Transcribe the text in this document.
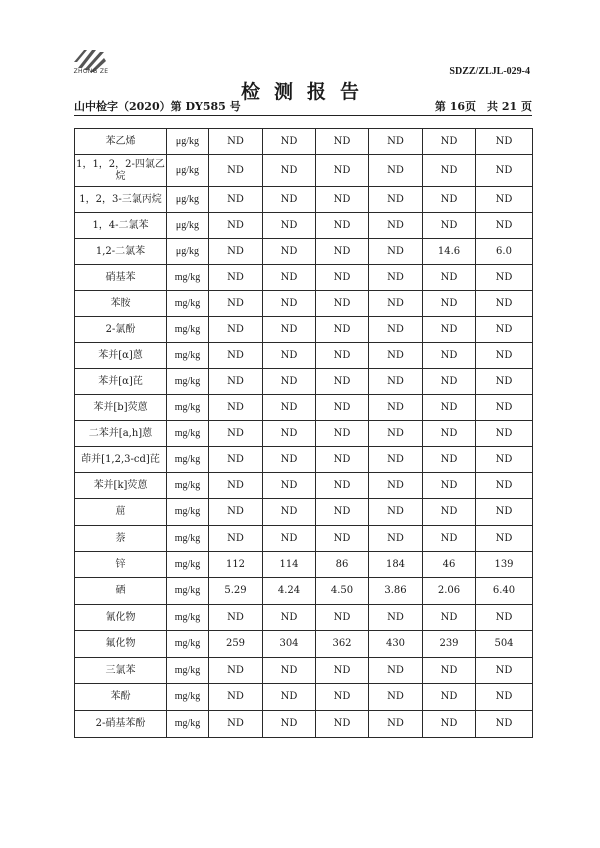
ZHONG ZE	SDZZ/ZLJL-029-4
检测报告
山中检字（2020）第 DY585 号	第 16页　共 21 页
苯乙烯	μg/kg	ND	ND	ND	ND	ND	ND
1，1，2，2-四氯乙烷	μg/kg	ND	ND	ND	ND	ND	ND
1，2，3-三氯丙烷	μg/kg	ND	ND	ND	ND	ND	ND
1，4-二氯苯	μg/kg	ND	ND	ND	ND	ND	ND
1,2-二氯苯	μg/kg	ND	ND	ND	ND	14.6	6.0
硝基苯	mg/kg	ND	ND	ND	ND	ND	ND
苯胺	mg/kg	ND	ND	ND	ND	ND	ND
2-氯酚	mg/kg	ND	ND	ND	ND	ND	ND
苯并[α]蒽	mg/kg	ND	ND	ND	ND	ND	ND
苯并[α]芘	mg/kg	ND	ND	ND	ND	ND	ND
苯并[b]荧蒽	mg/kg	ND	ND	ND	ND	ND	ND
二苯并[a,h]蒽	mg/kg	ND	ND	ND	ND	ND	ND
茚并[1,2,3-cd]芘	mg/kg	ND	ND	ND	ND	ND	ND
苯并[k]荧蒽	mg/kg	ND	ND	ND	ND	ND	ND
䓛	mg/kg	ND	ND	ND	ND	ND	ND
萘	mg/kg	ND	ND	ND	ND	ND	ND
锌	mg/kg	112	114	86	184	46	139
硒	mg/kg	5.29	4.24	4.50	3.86	2.06	6.40
氰化物	mg/kg	ND	ND	ND	ND	ND	ND
氟化物	mg/kg	259	304	362	430	239	504
三氯苯	mg/kg	ND	ND	ND	ND	ND	ND
苯酚	mg/kg	ND	ND	ND	ND	ND	ND
2-硝基苯酚	mg/kg	ND	ND	ND	ND	ND	ND
